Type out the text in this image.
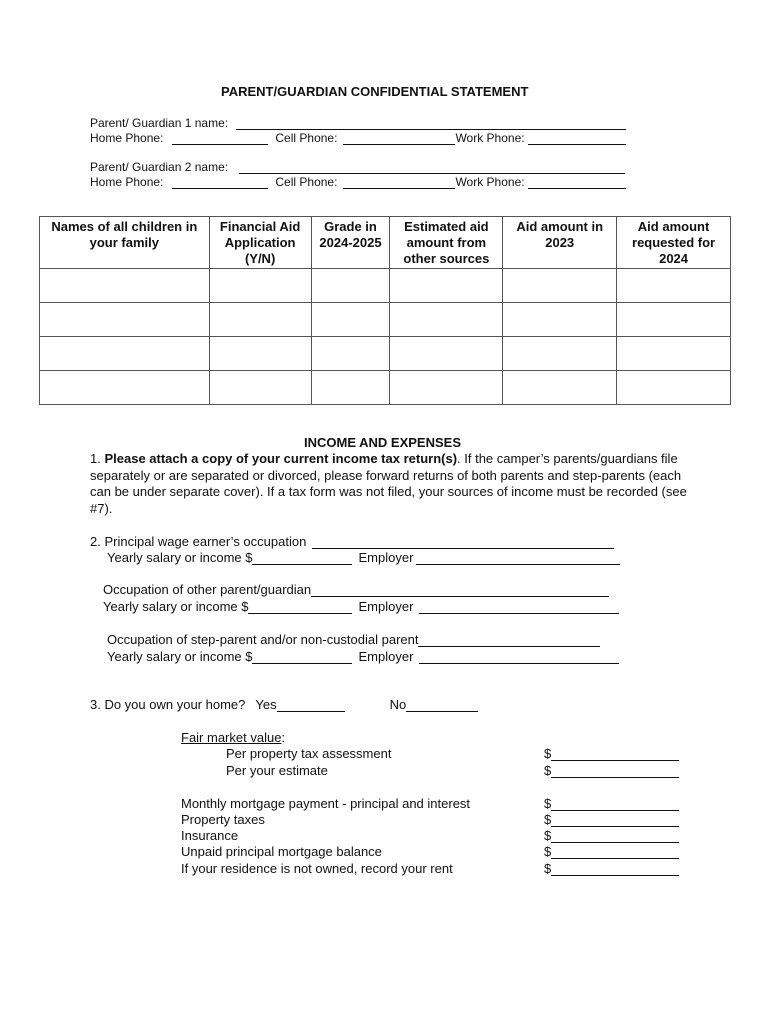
PARENT/GUARDIAN CONFIDENTIAL STATEMENT
Parent/ Guardian 1 name:
Home Phone:	Cell Phone:	Work Phone:
Parent/ Guardian 2 name:
Home Phone:	Cell Phone:	Work Phone:
Names of all children in your family	Financial Aid Application (Y/N)	Grade in 2024-2025	Estimated aid amount from other sources	Aid amount in 2023	Aid amount requested for 2024

INCOME AND EXPENSES
1. Please attach a copy of your current income tax return(s). If the camper’s parents/guardians file separately or are separated or divorced, please forward returns of both parents and step-parents (each can be under separate cover). If a tax form was not filed, your sources of income must be recorded (see #7).
2. Principal wage earner’s occupation
Yearly salary or income $	Employer
Occupation of other parent/guardian
Yearly salary or income $	Employer
Occupation of step-parent and/or non-custodial parent
Yearly salary or income $	Employer
3. Do you own your home? Yes	No
Fair market value:
Per property tax assessment	$
Per your estimate	$
Monthly mortgage payment - principal and interest	$
Property taxes	$
Insurance	$
Unpaid principal mortgage balance	$
If your residence is not owned, record your rent	$
